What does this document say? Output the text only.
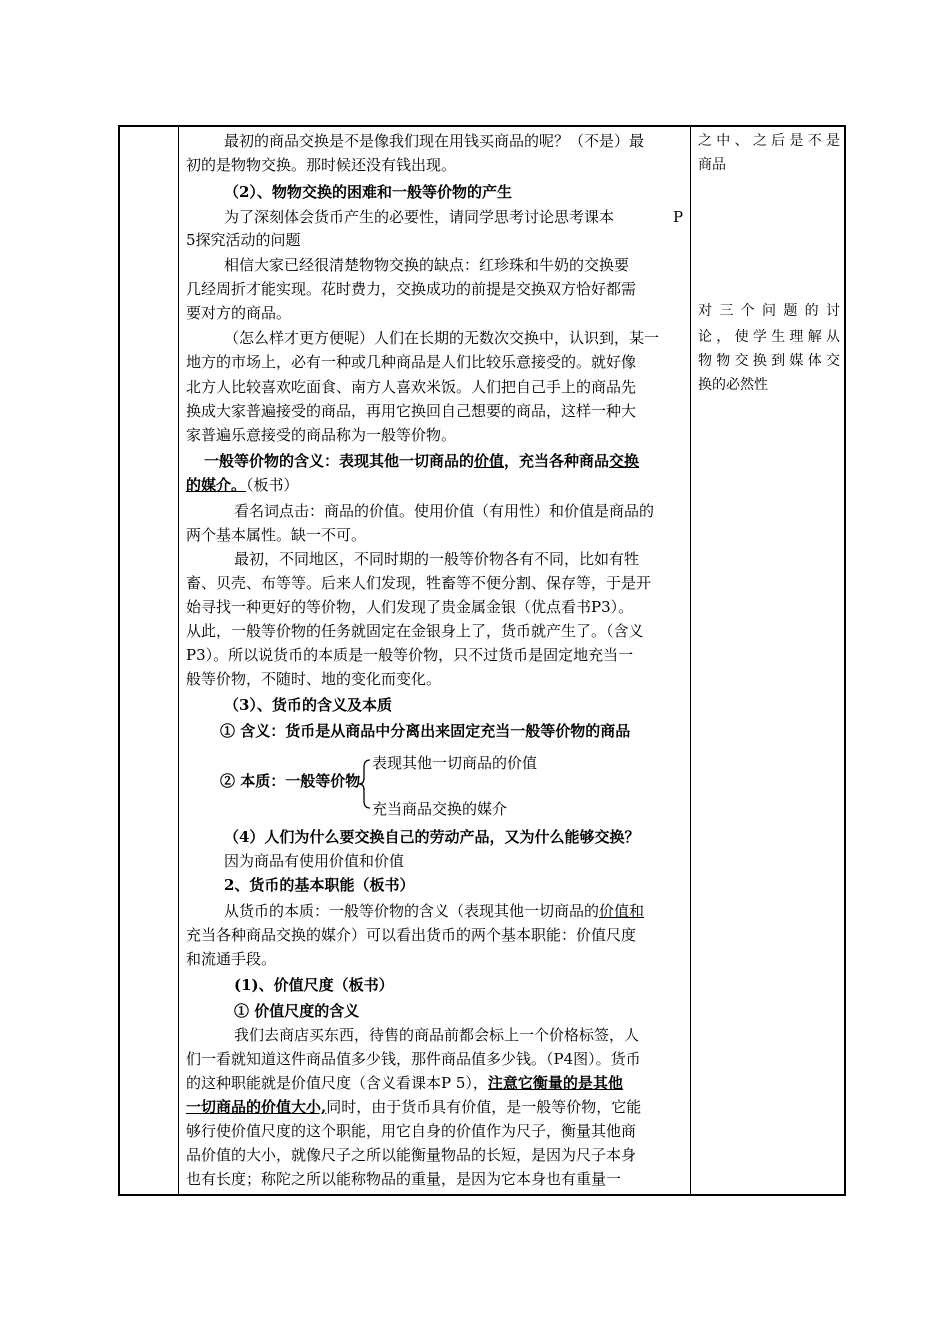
最初的商品交换是不是像我们现在用钱买商品的呢？（不是）最
初的是物物交换。那时候还没有钱出现。
（2）、物物交换的困难和一般等价物的产生
为了深刻体会货币产生的必要性，请同学思考讨论思考课本	P
5探究活动的问题
相信大家已经很清楚物物交换的缺点：红珍珠和牛奶的交换要
几经周折才能实现。花时费力，交换成功的前提是交换双方恰好都需
要对方的商品。
（怎么样才更方便呢）人们在长期的无数次交换中，认识到，某一
地方的市场上，必有一种或几种商品是人们比较乐意接受的。就好像
北方人比较喜欢吃面食、南方人喜欢米饭。人们把自己手上的商品先
换成大家普遍接受的商品，再用它换回自己想要的商品，这样一种大
家普遍乐意接受的商品称为一般等价物。
一般等价物的含义：表现其他一切商品的价值，充当各种商品交换
的媒介。（板书）
看名词点击：商品的价值。使用价值（有用性）和价值是商品的
两个基本属性。缺一不可。
最初，不同地区，不同时期的一般等价物各有不同，比如有牲
畜、贝壳、布等等。后来人们发现，牲畜等不便分割、保存等，于是开
始寻找一种更好的等价物，人们发现了贵金属金银（优点看书P3）。
从此，一般等价物的任务就固定在金银身上了，货币就产生了。（含义
P3）。所以说货币的本质是一般等价物，只不过货币是固定地充当一
般等价物，不随时、地的变化而变化。
（3）、货币的含义及本质
① 含义：货币是从商品中分离出来固定充当一般等价物的商品
② 本质：一般等价物
表现其他一切商品的价值
充当商品交换的媒介
（4）人们为什么要交换自己的劳动产品，又为什么能够交换？
因为商品有使用价值和价值
2、货币的基本职能（板书）
从货币的本质：一般等价物的含义（表现其他一切商品的价值和
充当各种商品交换的媒介）可以看出货币的两个基本职能：价值尺度
和流通手段。
(1)、价值尺度（板书）
① 价值尺度的含义
我们去商店买东西，待售的商品前都会标上一个价格标签，人
们一看就知道这件商品值多少钱，那件商品值多少钱。（P4图）。货币
的这种职能就是价值尺度（含义看课本P 5），注意它衡量的是其他
一切商品的价值大小,同时，由于货币具有价值，是一般等价物，它能
够行使价值尺度的这个职能，用它自身的价值作为尺子，衡量其他商
品价值的大小，就像尺子之所以能衡量物品的长短，是因为尺子本身
也有长度；称陀之所以能称物品的重量，是因为它本身也有重量一
之中、之后是不是
商品
对三个问题的讨
论，使学生理解从
物物交换到媒体交
换的必然性
